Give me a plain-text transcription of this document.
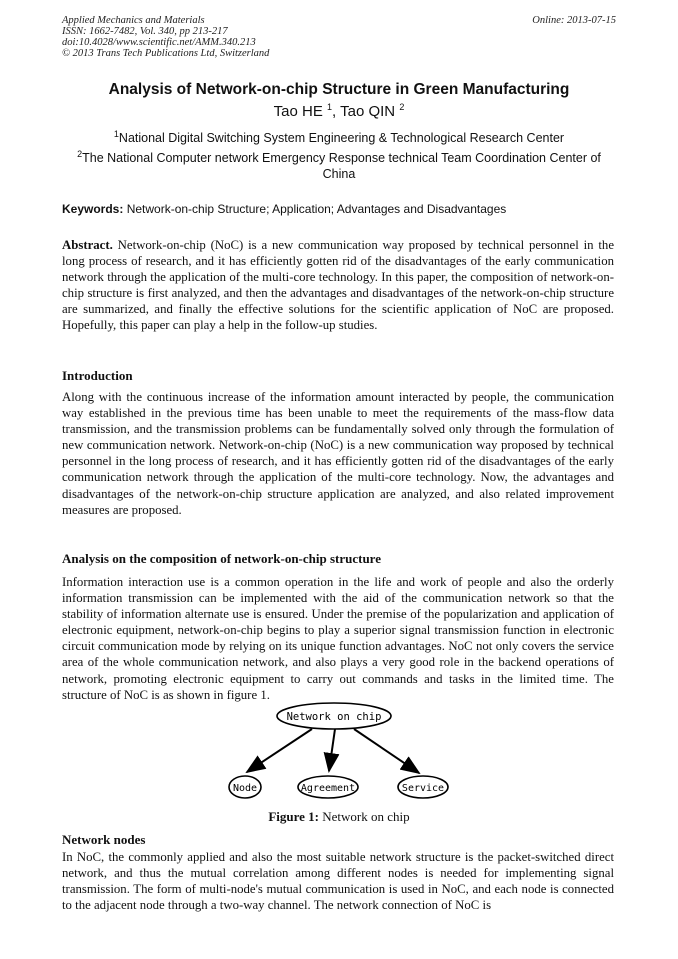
Applied Mechanics and Materials
ISSN: 1662-7482, Vol. 340, pp 213-217
doi:10.4028/www.scientific.net/AMM.340.213
© 2013 Trans Tech Publications Ltd, Switzerland
Online: 2013-07-15
Analysis of Network-on-chip Structure in Green Manufacturing
Tao HE $^1$, Tao QIN $^2$
$^1$National Digital Switching System Engineering & Technological Research Center
$^2$The National Computer network Emergency Response technical Team Coordination Center of China
Keywords: Network-on-chip Structure; Application; Advantages and Disadvantages
Abstract. Network-on-chip (NoC) is a new communication way proposed by technical personnel in the long process of research, and it has efficiently gotten rid of the disadvantages of the early communication network through the application of the multi-core technology. In this paper, the composition of network-on-chip structure is first analyzed, and then the advantages and disadvantages of the network-on-chip structure are summarized, and finally the effective solutions for the scientific application of NoC are proposed. Hopefully, this paper can play a help in the follow-up studies.
Introduction
Along with the continuous increase of the information amount interacted by people, the communication way established in the previous time has been unable to meet the requirements of the mass-flow data transmission, and the transmission problems can be fundamentally solved only through the formulation of new communication network. Network-on-chip (NoC) is a new communication way proposed by technical personnel in the long process of research, and it has efficiently gotten rid of the disadvantages of the early communication network through the application of the multi-core technology. Now, the advantages and disadvantages of the network-on-chip structure application are analyzed, and also related improvement measures are proposed.
Analysis on the composition of network-on-chip structure
Information interaction use is a common operation in the life and work of people and also the orderly information transmission can be implemented with the aid of the communication network so that the stability of information alternate use is ensured. Under the premise of the popularization and application of electronic equipment, network-on-chip begins to play a superior signal transmission function in electronic circuit communication mode by relying on its unique function advantages. NoC not only covers the service area of the whole communication network, and also plays a very good role in the backend operations of network, promoting electronic equipment to carry out commands and tasks in the limited time. The structure of NoC is as shown in figure 1.
Network on chip
Node	Agreement	Service
Figure 1: Network on chip
Network nodes
In NoC, the commonly applied and also the most suitable network structure is the packet-switched direct network, and thus the mutual correlation among different nodes is needed for implementing signal transmission. The form of multi-node's mutual communication is used in NoC, and each node is connected to the adjacent node through a two-way channel. The network connection of NoC is
